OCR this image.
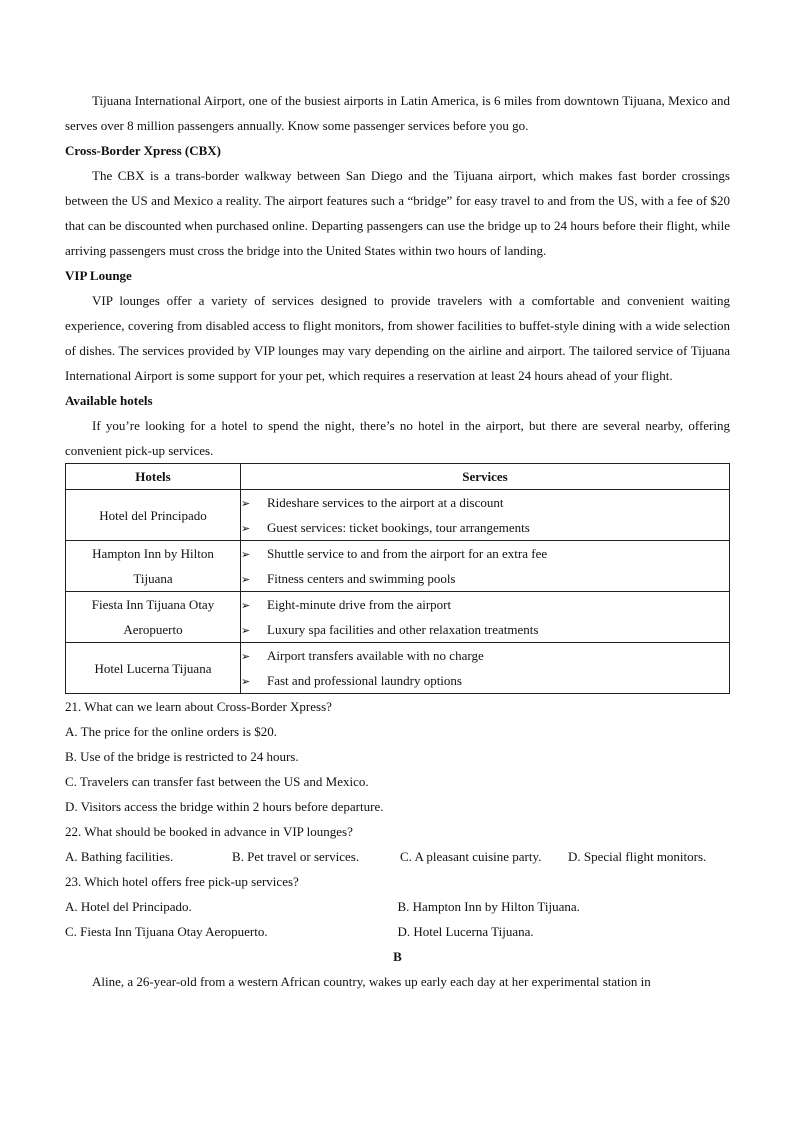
Tijuana International Airport, one of the busiest airports in Latin America, is 6 miles from downtown Tijuana, Mexico and serves over 8 million passengers annually. Know some passenger services before you go.

Cross-Border Xpress (CBX)

The CBX is a trans-border walkway between San Diego and the Tijuana airport, which makes fast border crossings between the US and Mexico a reality. The airport features such a “bridge” for easy travel to and from the US, with a fee of $20 that can be discounted when purchased online. Departing passengers can use the bridge up to 24 hours before their flight, while arriving passengers must cross the bridge into the United States within two hours of landing.

VIP Lounge

VIP lounges offer a variety of services designed to provide travelers with a comfortable and convenient waiting experience, covering from disabled access to flight monitors, from shower facilities to buffet-style dining with a wide selection of dishes. The services provided by VIP lounges may vary depending on the airline and airport. The tailored service of Tijuana International Airport is some support for your pet, which requires a reservation at least 24 hours ahead of your flight.

Available hotels

If you’re looking for a hotel to spend the night, there’s no hotel in the airport, but there are several nearby, offering convenient pick-up services.

Hotels	Services
Hotel del Principado	➢ Rideshare services to the airport at a discount
➢ Guest services: ticket bookings, tour arrangements

Hampton Inn by Hilton Tijuana	➢ Shuttle service to and from the airport for an extra fee
➢ Fitness centers and swimming pools

Fiesta Inn Tijuana Otay Aeropuerto	➢ Eight-minute drive from the airport
➢ Luxury spa facilities and other relaxation treatments

Hotel Lucerna Tijuana	➢ Airport transfers available with no charge
➢ Fast and professional laundry options
21. What can we learn about Cross-Border Xpress?
A. The price for the online orders is $20.
B. Use of the bridge is restricted to 24 hours.
C. Travelers can transfer fast between the US and Mexico.
D. Visitors access the bridge within 2 hours before departure.
22. What should be booked in advance in VIP lounges?
A. Bathing facilities.	B. Pet travel or services.	C. A pleasant cuisine party.	D. Special flight monitors.
23. Which hotel offers free pick-up services?
A. Hotel del Principado.	B. Hampton Inn by Hilton Tijuana.
C. Fiesta Inn Tijuana Otay Aeropuerto.	D. Hotel Lucerna Tijuana.
B

Aline, a 26-year-old from a western African country, wakes up early each day at her experimental station in
